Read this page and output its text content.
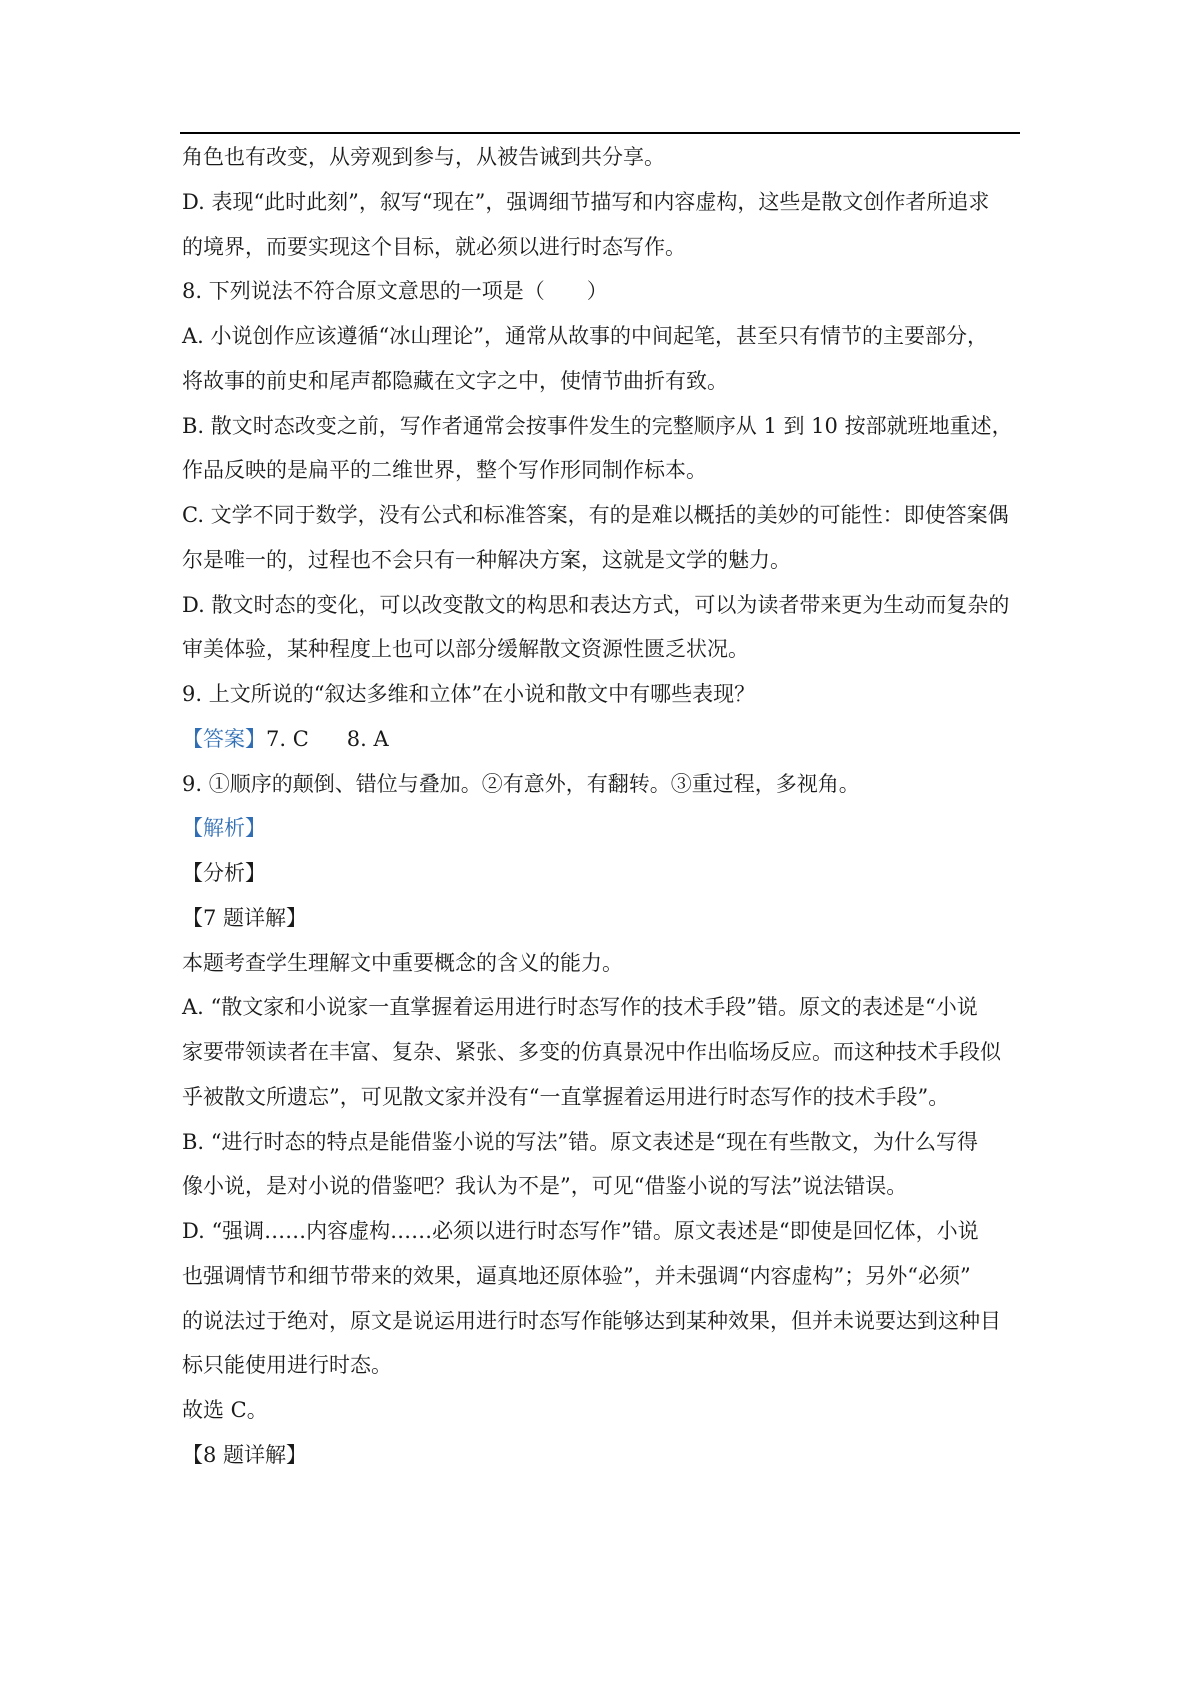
角色也有改变，从旁观到参与，从被告诫到共分享。
D. 表现“此时此刻”，叙写“现在”，强调细节描写和内容虚构，这些是散文创作者所追求
的境界，而要实现这个目标，就必须以进行时态写作。
8. 下列说法不符合原文意思的一项是（　　）
A. 小说创作应该遵循“冰山理论”，通常从故事的中间起笔，甚至只有情节的主要部分，
将故事的前史和尾声都隐藏在文字之中，使情节曲折有致。
B. 散文时态改变之前，写作者通常会按事件发生的完整顺序从 1 到 10 按部就班地重述，
作品反映的是扁平的二维世界，整个写作形同制作标本。
C. 文学不同于数学，没有公式和标准答案，有的是难以概括的美妙的可能性：即使答案偶
尔是唯一的，过程也不会只有一种解决方案，这就是文学的魅力。
D. 散文时态的变化，可以改变散文的构思和表达方式，可以为读者带来更为生动而复杂的
审美体验，某种程度上也可以部分缓解散文资源性匮乏状况。
9. 上文所说的“叙达多维和立体”在小说和散文中有哪些表现？
【答案】7. C 8. A
9. ①顺序的颠倒、错位与叠加。②有意外，有翻转。③重过程，多视角。
【解析】
【分析】
【7 题详解】
本题考查学生理解文中重要概念的含义的能力。
A. “散文家和小说家一直掌握着运用进行时态写作的技术手段”错。原文的表述是“小说
家要带领读者在丰富、复杂、紧张、多变的仿真景况中作出临场反应。而这种技术手段似
乎被散文所遗忘”，可见散文家并没有“一直掌握着运用进行时态写作的技术手段”。
B. “进行时态的特点是能借鉴小说的写法”错。原文表述是“现在有些散文，为什么写得
像小说，是对小说的借鉴吧？我认为不是”，可见“借鉴小说的写法”说法错误。
D. “强调……内容虚构……必须以进行时态写作”错。原文表述是“即使是回忆体，小说
也强调情节和细节带来的效果，逼真地还原体验”，并未强调“内容虚构”；另外“必须”
的说法过于绝对，原文是说运用进行时态写作能够达到某种效果，但并未说要达到这种目
标只能使用进行时态。
故选 C。
【8 题详解】
